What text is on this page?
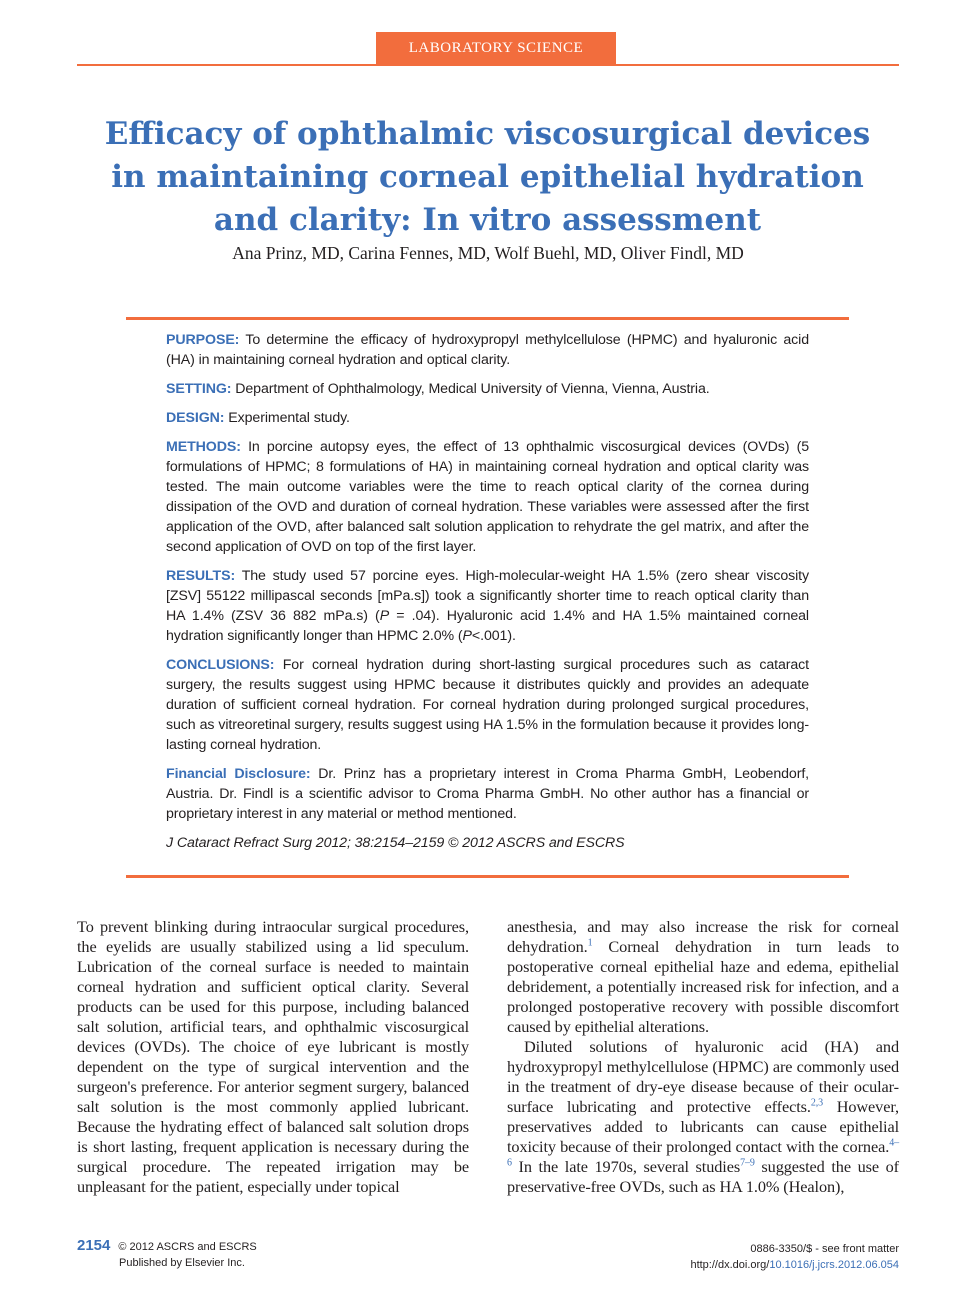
LABORATORY SCIENCE
Efficacy of ophthalmic viscosurgical devices
in maintaining corneal epithelial hydration
and clarity: In vitro assessment
Ana Prinz, MD, Carina Fennes, MD, Wolf Buehl, MD, Oliver Findl, MD

PURPOSE: To determine the efficacy of hydroxypropyl methylcellulose (HPMC) and hyaluronic acid (HA) in maintaining corneal hydration and optical clarity.

SETTING: Department of Ophthalmology, Medical University of Vienna, Vienna, Austria.

DESIGN: Experimental study.

METHODS: In porcine autopsy eyes, the effect of 13 ophthalmic viscosurgical devices (OVDs) (5 formulations of HPMC; 8 formulations of HA) in maintaining corneal hydration and optical clarity was tested. The main outcome variables were the time to reach optical clarity of the cornea during dissipation of the OVD and duration of corneal hydration. These variables were assessed after the first application of the OVD, after balanced salt solution application to rehydrate the gel matrix, and after the second application of OVD on top of the first layer.

RESULTS: The study used 57 porcine eyes. High-molecular-weight HA 1.5% (zero shear viscosity [ZSV] 55122 millipascal seconds [mPa.s]) took a significantly shorter time to reach optical clarity than HA 1.4% (ZSV 36 882 mPa.s) (P = .04). Hyaluronic acid 1.4% and HA 1.5% maintained corneal hydration significantly longer than HPMC 2.0% (P<.001).

CONCLUSIONS: For corneal hydration during short-lasting surgical procedures such as cataract surgery, the results suggest using HPMC because it distributes quickly and provides an adequate duration of sufficient corneal hydration. For corneal hydration during prolonged surgical procedures, such as vitreoretinal surgery, results suggest using HA 1.5% in the formulation because it provides long-lasting corneal hydration.

Financial Disclosure: Dr. Prinz has a proprietary interest in Croma Pharma GmbH, Leobendorf, Austria. Dr. Findl is a scientific advisor to Croma Pharma GmbH. No other author has a financial or proprietary interest in any material or method mentioned.

J Cataract Refract Surg 2012; 38:2154–2159 © 2012 ASCRS and ESCRS

To prevent blinking during intraocular surgical procedures, the eyelids are usually stabilized using a lid speculum. Lubrication of the corneal surface is needed to maintain corneal hydration and sufficient optical clarity. Several products can be used for this purpose, including balanced salt solution, artificial tears, and ophthalmic viscosurgical devices (OVDs). The choice of eye lubricant is mostly dependent on the type of surgical intervention and the surgeon's preference. For anterior segment surgery, balanced salt solution is the most commonly applied lubricant. Because the hydrating effect of balanced salt solution drops is short lasting, frequent application is necessary during the surgical procedure. The repeated irrigation may be unpleasant for the patient, especially under topical

anesthesia, and may also increase the risk for corneal dehydration.$^1$ Corneal dehydration in turn leads to postoperative corneal epithelial haze and edema, epithelial debridement, a potentially increased risk for infection, and a prolonged postoperative recovery with possible discomfort caused by epithelial alterations.

Diluted solutions of hyaluronic acid (HA) and hydroxypropyl methylcellulose (HPMC) are commonly used in the treatment of dry-eye disease because of their ocular-surface lubricating and protective effects.$^{2,3}$ However, preservatives added to lubricants can cause epithelial toxicity because of their prolonged contact with the cornea.$^{4-6}$ In the late 1970s, several studies$^{7-9}$ suggested the use of preservative-free OVDs, such as HA 1.0% (Healon),

2154 © 2012 ASCRS and ESCRS
Published by Elsevier Inc.
0886-3350/$ - see front matter
http://dx.doi.org/10.1016/j.jcrs.2012.06.054
